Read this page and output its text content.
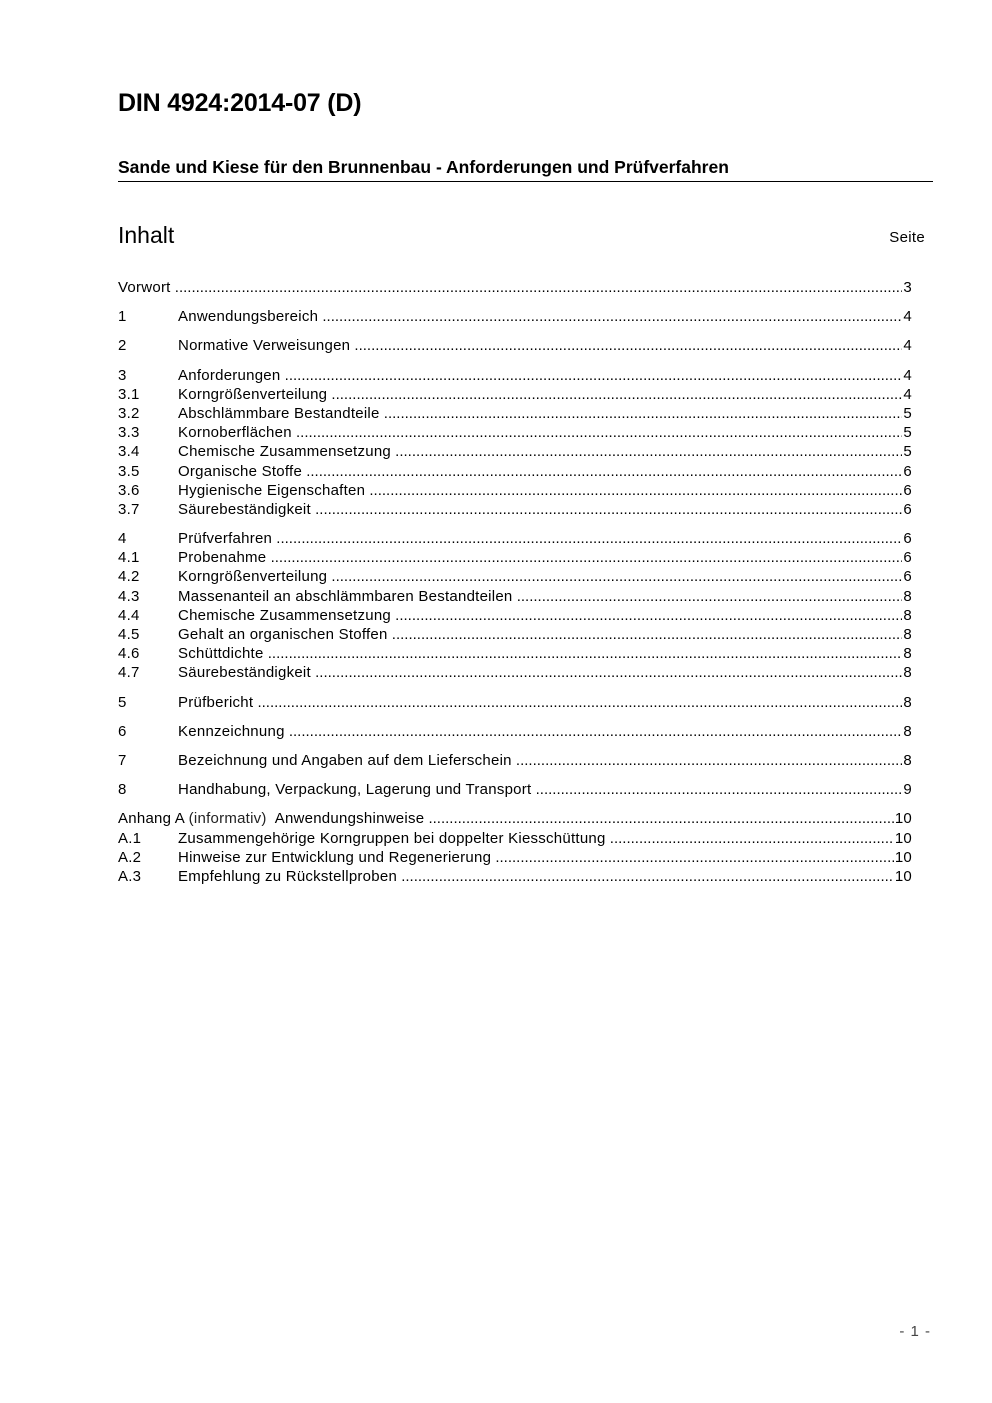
DIN 4924:2014-07 (D)
Sande und Kiese für den Brunnenbau - Anforderungen und Prüfverfahren
Inhalt	Seite
Vorwort .....	3
1	Anwendungsbereich .....	4
2	Normative Verweisungen .....	4
3	Anforderungen .....	4
3.1	Korngrößenverteilung .....	4
3.2	Abschlämmbare Bestandteile .....	5
3.3	Kornoberflächen .....	5
3.4	Chemische Zusammensetzung .....	5
3.5	Organische Stoffe .....	6
3.6	Hygienische Eigenschaften .....	6
3.7	Säurebeständigkeit .....	6
4	Prüfverfahren .....	6
4.1	Probenahme .....	6
4.2	Korngrößenverteilung .....	6
4.3	Massenanteil an abschlämmbaren Bestandteilen .....	8
4.4	Chemische Zusammensetzung .....	8
4.5	Gehalt an organischen Stoffen .....	8
4.6	Schüttdichte .....	8
4.7	Säurebeständigkeit .....	8
5	Prüfbericht .....	8
6	Kennzeichnung .....	8
7	Bezeichnung und Angaben auf dem Lieferschein .....	8
8	Handhabung, Verpackung, Lagerung und Transport .....	9
Anhang A (informativ) Anwendungshinweise .....	10
A.1 Zusammengehörige Korngruppen bei doppelter Kiesschüttung .....	10
A.2 Hinweise zur Entwicklung und Regenerierung .....	10
A.3 Empfehlung zu Rückstellproben .....	10
- 1 -
